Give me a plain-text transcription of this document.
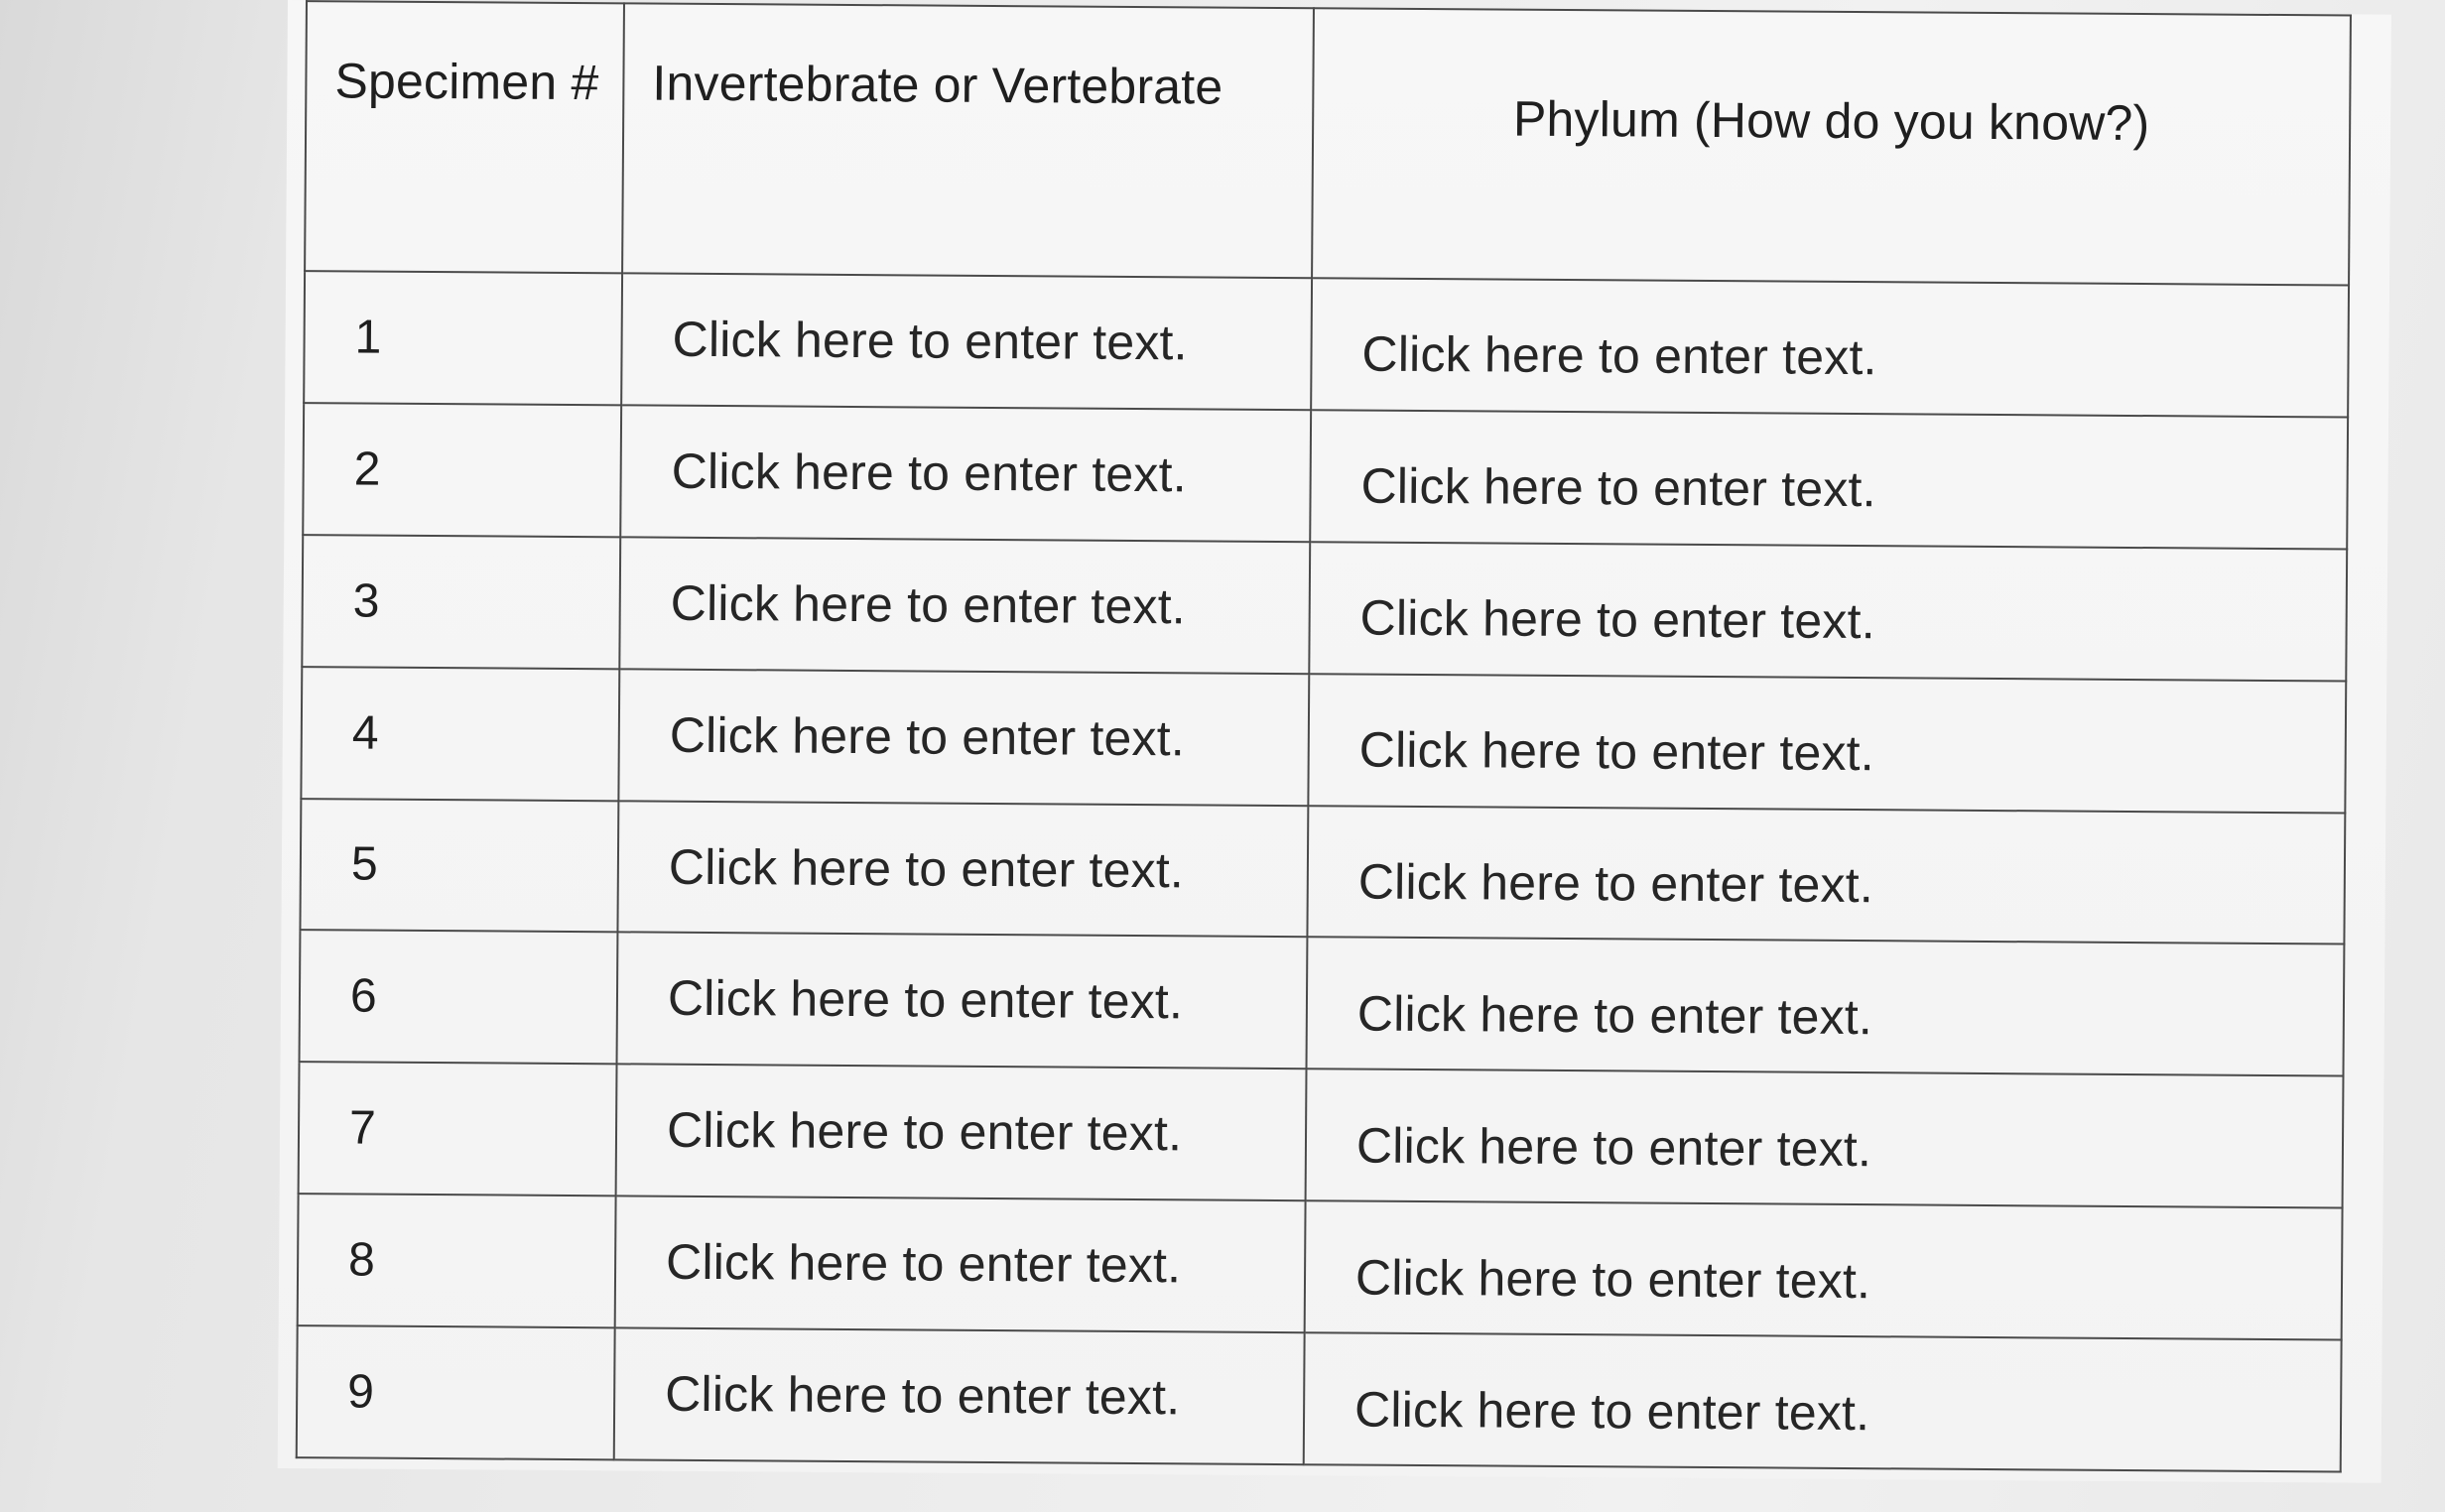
Specimen #	Invertebrate or Vertebrate	Phylum (How do you know?)
1	Click here to enter text.	Click here to enter text.
2	Click here to enter text.	Click here to enter text.
3	Click here to enter text.	Click here to enter text.
4	Click here to enter text.	Click here to enter text.
5	Click here to enter text.	Click here to enter text.
6	Click here to enter text.	Click here to enter text.
7	Click here to enter text.	Click here to enter text.
8	Click here to enter text.	Click here to enter text.
9	Click here to enter text.	Click here to enter text.
